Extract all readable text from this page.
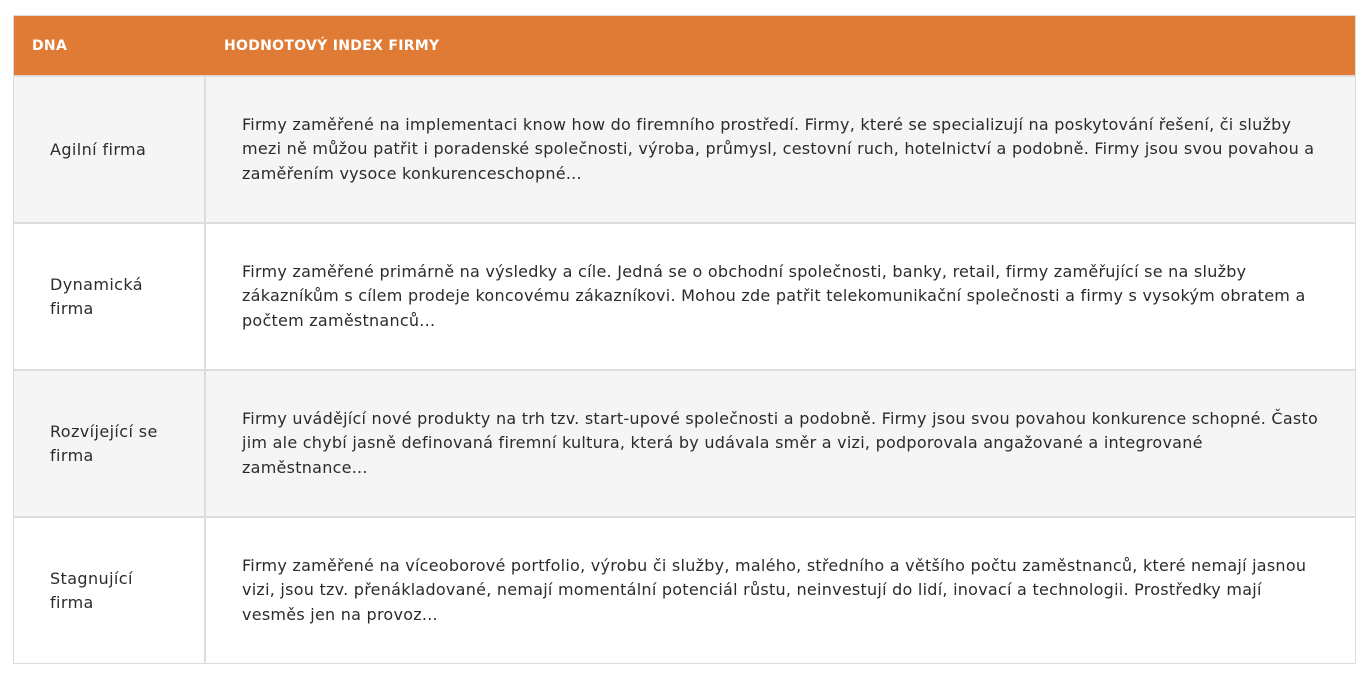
DNA	HODNOTOVÝ INDEX FIRMY
Agilní firma
Firmy zaměřené na implementaci know how do firemního prostředí. Firmy, které se specializují na poskytování řešení, či služby mezi ně můžou patřit i poradenské společnosti, výroba, průmysl, cestovní ruch, hotelnictví a podobně. Firmy jsou svou povahou a zaměřením vysoce konkurenceschopné...
Dynamická firma
Firmy zaměřené primárně na výsledky a cíle. Jedná se o obchodní společnosti, banky, retail, firmy zaměřující se na služby zákazníkům s cílem prodeje koncovému zákazníkovi. Mohou zde patřit telekomunikační společnosti a firmy s vysokým obratem a počtem zaměstnanců...
Rozvíjející se firma
Firmy uvádějící nové produkty na trh tzv. start-upové společnosti a podobně. Firmy jsou svou povahou konkurence schopné. Často jim ale chybí jasně definovaná firemní kultura, která by udávala směr a vizi, podporovala angažované a integrované zaměstnance...
Stagnující firma
Firmy zaměřené na víceoborové portfolio, výrobu či služby, malého, středního a většího počtu zaměstnanců, které nemají jasnou vizi, jsou tzv. přenákladované, nemají momentální potenciál růstu, neinvestují do lidí, inovací a technologii. Prostředky mají vesměs jen na provoz...
